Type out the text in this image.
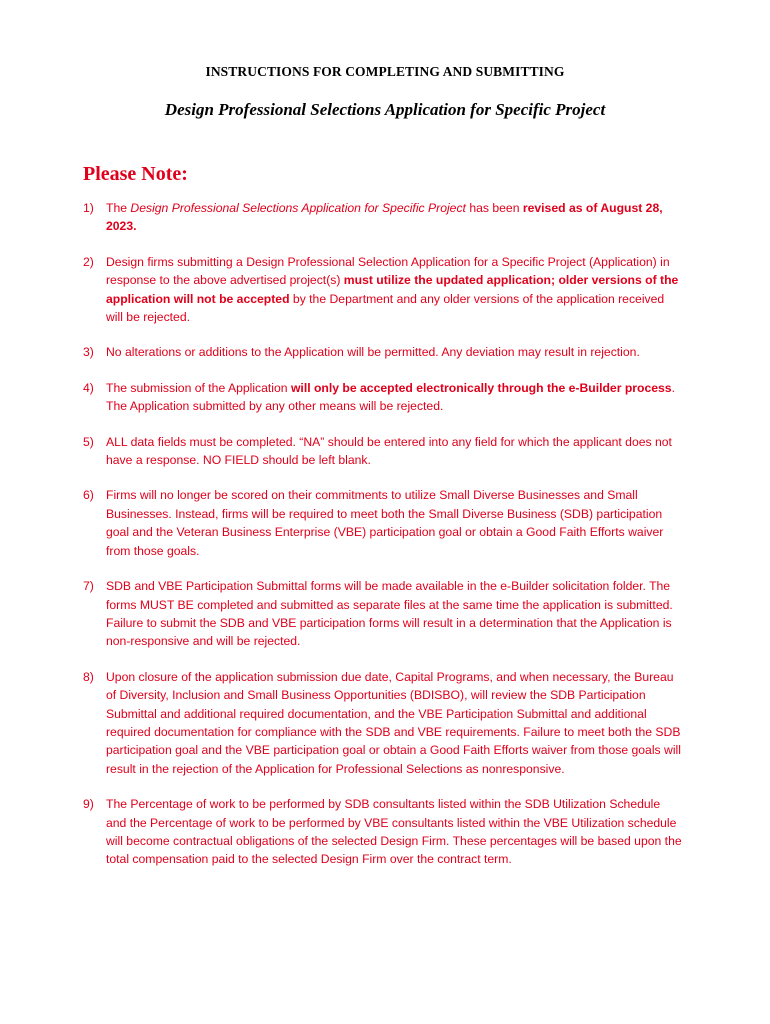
INSTRUCTIONS FOR COMPLETING AND SUBMITTING
Design Professional Selections Application for Specific Project
Please Note:
1) The Design Professional Selections Application for Specific Project has been revised as of August 28, 2023.
2) Design firms submitting a Design Professional Selection Application for a Specific Project (Application) in response to the above advertised project(s) must utilize the updated application; older versions of the application will not be accepted by the Department and any older versions of the application received will be rejected.
3) No alterations or additions to the Application will be permitted. Any deviation may result in rejection.
4) The submission of the Application will only be accepted electronically through the e-Builder process. The Application submitted by any other means will be rejected.
5) ALL data fields must be completed. “NA” should be entered into any field for which the applicant does not have a response. NO FIELD should be left blank.
6) Firms will no longer be scored on their commitments to utilize Small Diverse Businesses and Small Businesses. Instead, firms will be required to meet both the Small Diverse Business (SDB) participation goal and the Veteran Business Enterprise (VBE) participation goal or obtain a Good Faith Efforts waiver from those goals.
7) SDB and VBE Participation Submittal forms will be made available in the e-Builder solicitation folder. The forms MUST BE completed and submitted as separate files at the same time the application is submitted. Failure to submit the SDB and VBE participation forms will result in a determination that the Application is non-responsive and will be rejected.
8) Upon closure of the application submission due date, Capital Programs, and when necessary, the Bureau of Diversity, Inclusion and Small Business Opportunities (BDISBO), will review the SDB Participation Submittal and additional required documentation, and the VBE Participation Submittal and additional required documentation for compliance with the SDB and VBE requirements. Failure to meet both the SDB participation goal and the VBE participation goal or obtain a Good Faith Efforts waiver from those goals will result in the rejection of the Application for Professional Selections as nonresponsive.
9) The Percentage of work to be performed by SDB consultants listed within the SDB Utilization Schedule and the Percentage of work to be performed by VBE consultants listed within the VBE Utilization schedule will become contractual obligations of the selected Design Firm. These percentages will be based upon the total compensation paid to the selected Design Firm over the contract term.
